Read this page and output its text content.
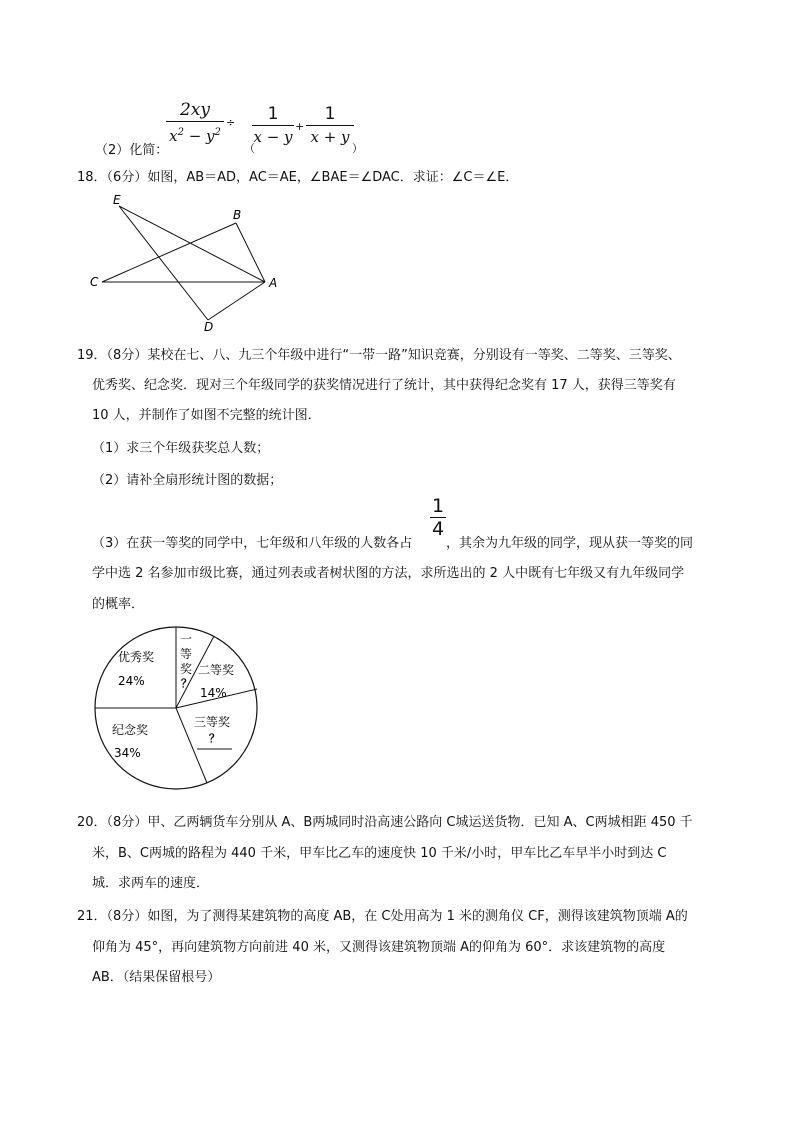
2xy
$x^2 - y^2$
（2）化简：
÷
（
1
x − y
+
1
x + y
）
18．（6分）如图，AB＝AD，AC＝AE，∠BAE＝∠DAC．求证：∠C＝∠E．
E
B
C	A
D
19．（8分）某校在七、八、九三个年级中进行“一带一路”知识竞赛，分别设有一等奖、二等奖、三等奖、
优秀奖、纪念奖．现对三个年级同学的获奖情况进行了统计，其中获得纪念奖有 17 人，获得三等奖有
10 人，并制作了如图不完整的统计图．
（1）求三个年级获奖总人数；
（2）请补全扇形统计图的数据；
（3）在获一等奖的同学中，七年级和八年级的人数各占
1
4
，其余为九年级的同学，现从获一等奖的同
学中选 2 名参加市级比赛，通过列表或者树状图的方法，求所选出的 2 人中既有七年级又有九年级同学
的概率．
一
等
奖
？
二等奖
14%
三等奖
？
纪念奖
34%
优秀奖
24%
20．（8分）甲、乙两辆货车分别从 A、B两城同时沿高速公路向 C城运送货物．已知 A、C两城相距 450 千
米，B、C两城的路程为 440 千米，甲车比乙车的速度快 10 千米/小时，甲车比乙车早半小时到达 C
城．求两车的速度．
21．（8分）如图，为了测得某建筑物的高度 AB，在 C处用高为 1 米的测角仪 CF，测得该建筑物顶端 A的
仰角为 45°，再向建筑物方向前进 40 米，又测得该建筑物顶端 A的仰角为 60°．求该建筑物的高度
AB．（结果保留根号）
